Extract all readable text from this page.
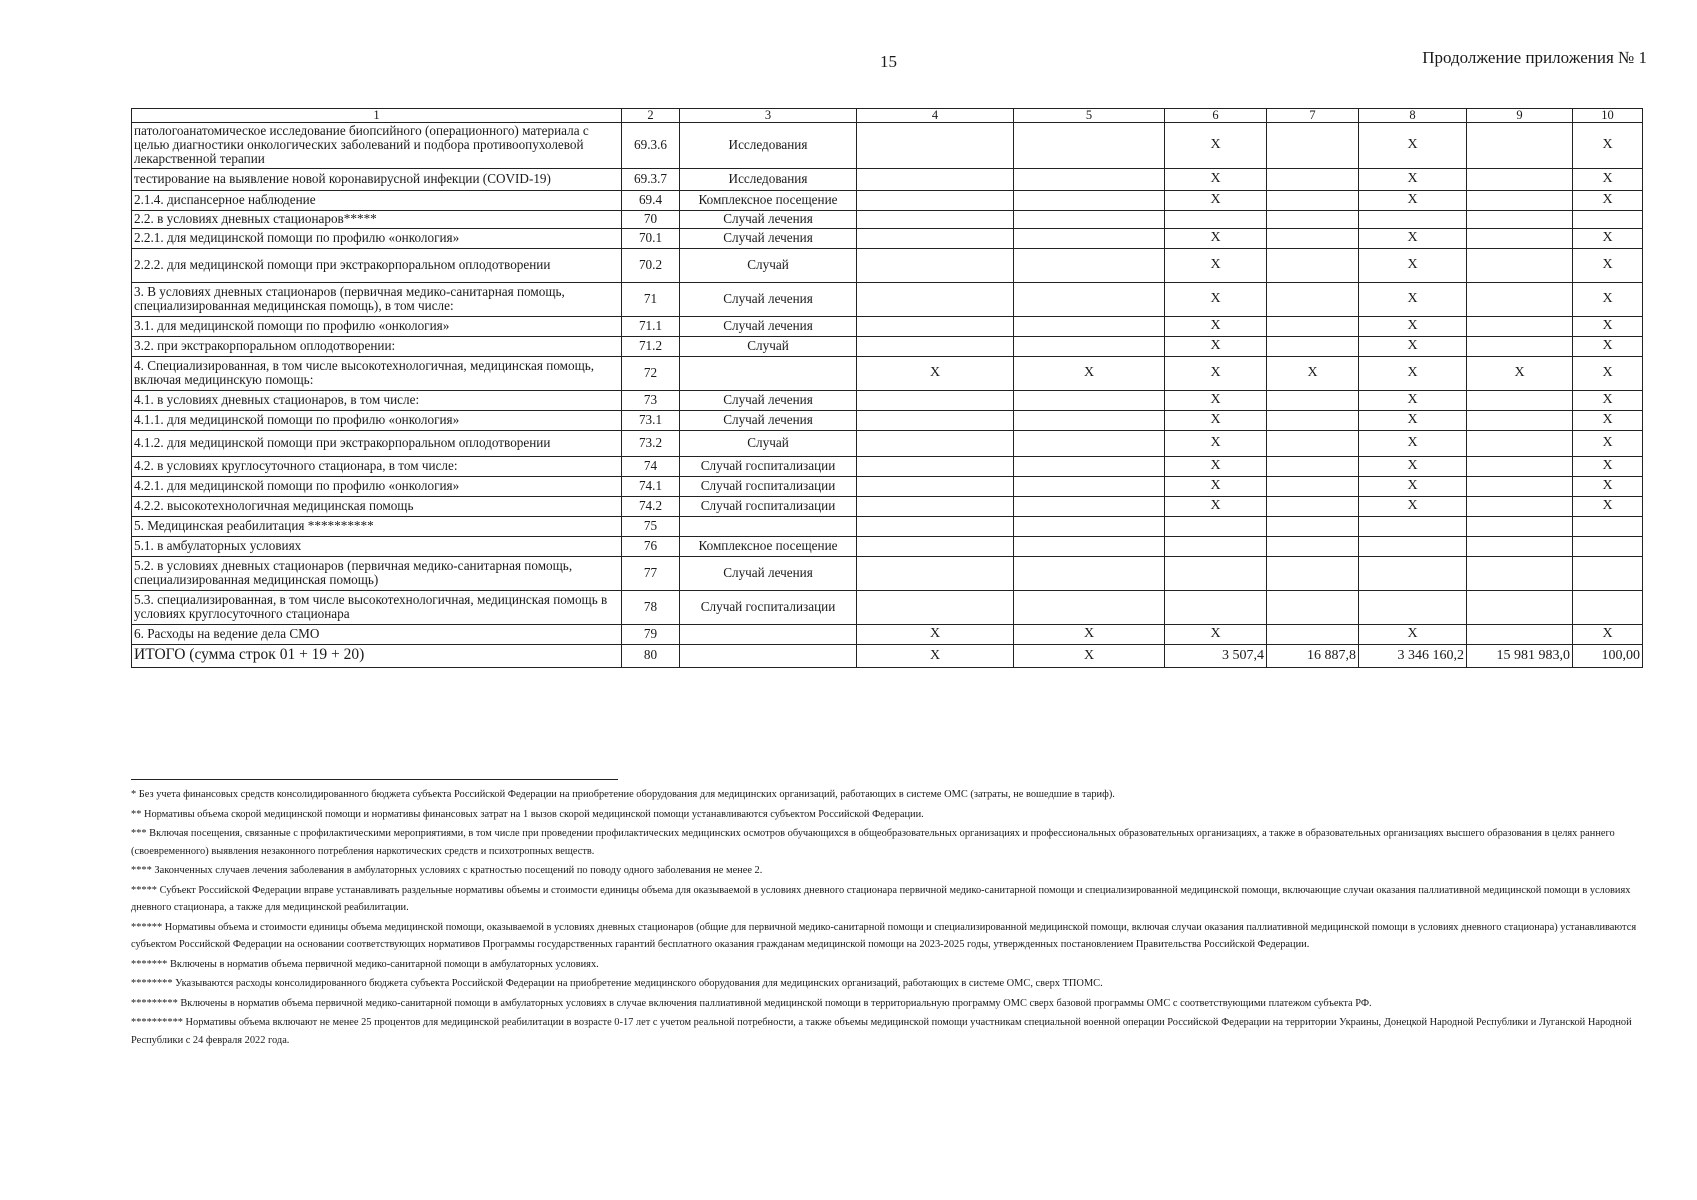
15	Продолжение приложения № 1
1	2	3	4	5	6	7	8	9	10
патологоанатомическое исследование биопсийного (операционного) материала с целью диагностики онкологических заболеваний и подбора противоопухолевой лекарственной терапии	69.3.6	Исследования			X		X		X
тестирование на выявление новой коронавирусной инфекции (COVID-19)	69.3.7	Исследования			X		X		X
2.1.4. диспансерное наблюдение	69.4	Комплексное посещение			X		X		X
2.2. в условиях дневных стационаров*****	70	Случай лечения							
2.2.1. для медицинской помощи по профилю «онкология»	70.1	Случай лечения			X		X		X
2.2.2. для медицинской помощи при экстракорпоральном оплодотворении	70.2	Случай			X		X		X
3. В условиях дневных стационаров (первичная медико-санитарная помощь, специализированная медицинская помощь), в том числе:	71	Случай лечения			X		X		X
3.1. для медицинской помощи по профилю «онкология»	71.1	Случай лечения			X		X		X
3.2. при экстракорпоральном оплодотворении:	71.2	Случай			X		X		X
4. Специализированная, в том числе высокотехнологичная, медицинская помощь, включая медицинскую помощь:	72		X	X	X	X	X	X	X
4.1. в условиях дневных стационаров, в том числе:	73	Случай лечения			X		X		X
4.1.1. для медицинской помощи по профилю «онкология»	73.1	Случай лечения			X		X		X
4.1.2. для медицинской помощи при экстракорпоральном оплодотворении	73.2	Случай			X		X		X
4.2. в условиях круглосуточного стационара, в том числе:	74	Случай госпитализации			X		X		X
4.2.1. для медицинской помощи по профилю «онкология»	74.1	Случай госпитализации			X		X		X
4.2.2. высокотехнологичная медицинская помощь	74.2	Случай госпитализации			X		X		X
5. Медицинская реабилитация **********	75								
5.1. в амбулаторных условиях	76	Комплексное посещение							
5.2. в условиях дневных стационаров (первичная медико-санитарная помощь, специализированная медицинская помощь)	77	Случай лечения							
5.3. специализированная, в том числе высокотехнологичная, медицинская помощь в условиях круглосуточного стационара	78	Случай госпитализации							
6. Расходы на ведение дела СМО	79		X	X	X		X		X
ИТОГО (сумма строк 01 + 19 + 20)	80		X	X	3 507,4	16 887,8	3 346 160,2	15 981 983,0	100,00

* Без учета финансовых средств консолидированного бюджета субъекта Российской Федерации на приобретение оборудования для медицинских организаций, работающих в системе ОМС (затраты, не вошедшие в тариф).

** Нормативы объема скорой медицинской помощи и нормативы финансовых затрат на 1 вызов скорой медицинской помощи устанавливаются субъектом Российской Федерации.

*** Включая посещения, связанные с профилактическими мероприятиями, в том числе при проведении профилактических медицинских осмотров обучающихся в общеобразовательных организациях и профессиональных образовательных организациях, а также в образовательных организациях высшего образования в целях раннего (своевременного) выявления незаконного потребления наркотических средств и психотропных веществ.

**** Законченных случаев лечения заболевания в амбулаторных условиях с кратностью посещений по поводу одного заболевания не менее 2.

***** Субъект Российской Федерации вправе устанавливать раздельные нормативы объемы и стоимости единицы объема для оказываемой в условиях дневного стационара первичной медико-санитарной помощи и специализированной медицинской помощи, включающие случаи оказания паллиативной медицинской помощи в условиях дневного стационара, а также для медицинской реабилитации.

****** Нормативы объема и стоимости единицы объема медицинской помощи, оказываемой в условиях дневных стационаров (общие для первичной медико-санитарной помощи и специализированной медицинской помощи, включая случаи оказания паллиативной медицинской помощи в условиях дневного стационара) устанавливаются субъектом Российской Федерации на основании соответствующих нормативов Программы государственных гарантий бесплатного оказания гражданам медицинской помощи на 2023-2025 годы, утвержденных постановлением Правительства Российской Федерации.

******* Включены в норматив объема первичной медико-санитарной помощи в амбулаторных условиях.

******** Указываются расходы консолидированного бюджета субъекта Российской Федерации на приобретение медицинского оборудования для медицинских организаций, работающих в системе ОМС, сверх ТПОМС.

********* Включены в норматив объема первичной медико-санитарной помощи в амбулаторных условиях в случае включения паллиативной медицинской помощи в территориальную программу ОМС сверх базовой программы ОМС с соответствующими платежом субъекта РФ.

********** Нормативы объема включают не менее 25 процентов для медицинской реабилитации в возрасте 0-17 лет с учетом реальной потребности, а также объемы медицинской помощи участникам специальной военной операции Российской Федерации на территории Украины, Донецкой Народной Республики и Луганской Народной Республики с 24 февраля 2022 года.
